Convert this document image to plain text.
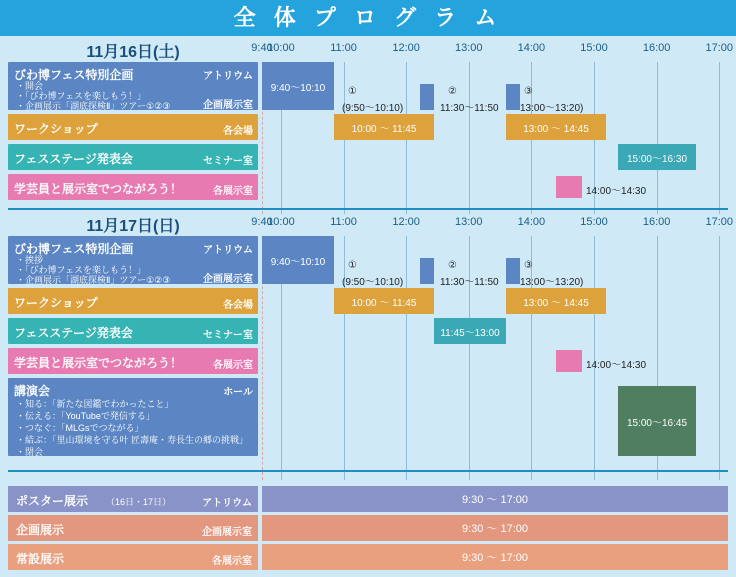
全 体 プ ロ グ ラ ム
11月16日(土)	9:40
10:00	11:00	12:00	13:00	14:00	15:00	16:00	17:00
びわ博フェス特別企画	アトリウム
企画展示室
・開会
・「びわ博フェスを楽しもう！」
・企画展示「湖底探検Ⅱ」ツアー①②③
9:40～10:10	①
(9:50～10:10)
②
11:30～11:50
③
13:00～13:20)
ワークショップ	各会場	10:00 ～ 11:45	13:00 ～ 14:45
フェスステージ発表会	セミナー室	15:00～16:30
学芸員と展示室でつながろう！	各展示室	14:00～14:30
11月17日(日)	9:40
10:00	11:00	12:00	13:00	14:00	15:00	16:00	17:00
びわ博フェス特別企画	アトリウム
企画展示室
・挨拶
・「びわ博フェスを楽しもう！」
・企画展示「湖底探検Ⅱ」ツアー①②③
9:40～10:10	①
(9:50～10:10)
②
11:30～11:50
③
13:00～13:20)
ワークショップ	各会場	10:00 ～ 11:45	13:00 ～ 14:45
フェスステージ発表会	セミナー室	11:45～13:00
学芸員と展示室でつながろう！	各展示室	14:00～14:30
講演会	ホール
・知る：「新たな図鑑でわかったこと」
・伝える：「YouTubeで発信する」
・つなぐ：「MLGsでつながる」
・結ぶ：「里山環境を守る叶 匠壽庵・寿長生の郷の挑戦」
・閉会
15:00～16:45
ポスター展示 （16日・17日）	アトリウム	9:30 ～ 17:00
企画展示	企画展示室	9:30 ～ 17:00
常設展示	各展示室	9:30 ～ 17:00
